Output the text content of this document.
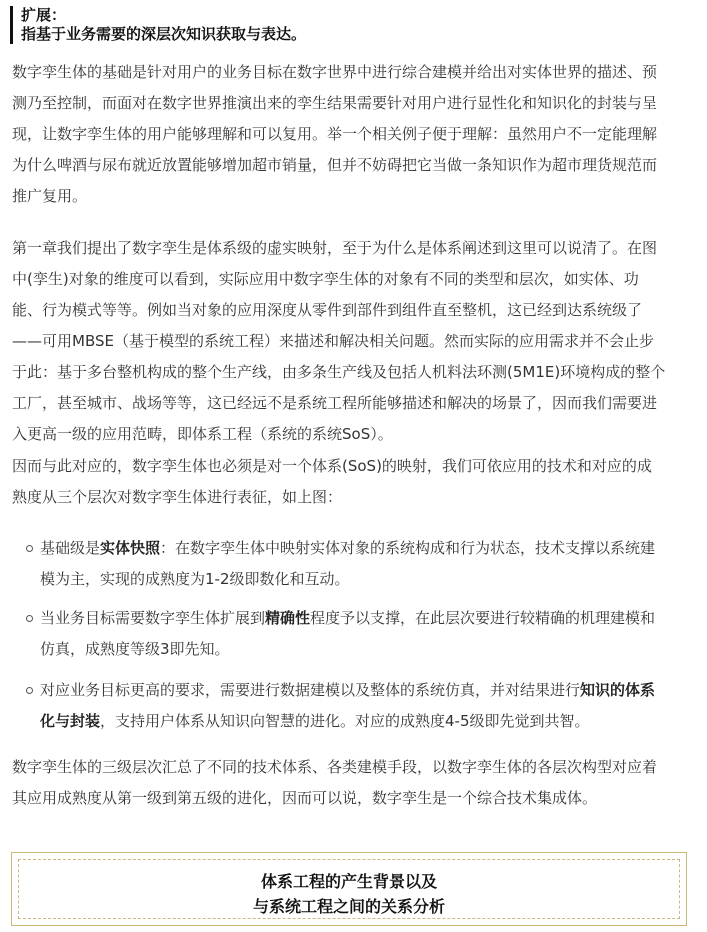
扩展：
指基于业务需要的深层次知识获取与表达。
数字孪生体的基础是针对用户的业务目标在数字世界中进行综合建模并给出对实体世界的描述、预
测乃至控制，而面对在数字世界推演出来的孪生结果需要针对用户进行显性化和知识化的封装与呈
现，让数字孪生体的用户能够理解和可以复用。举一个相关例子便于理解：虽然用户不一定能理解
为什么啤酒与尿布就近放置能够增加超市销量，但并不妨碍把它当做一条知识作为超市理货规范而
推广复用。
第一章我们提出了数字孪生是体系级的虚实映射，至于为什么是体系阐述到这里可以说清了。在图
中(孪生)对象的维度可以看到，实际应用中数字孪生体的对象有不同的类型和层次，如实体、功
能、行为模式等等。例如当对象的应用深度从零件到部件到组件直至整机，这已经到达系统级了
——可用MBSE（基于模型的系统工程）来描述和解决相关问题。然而实际的应用需求并不会止步
于此：基于多台整机构成的整个生产线，由多条生产线及包括人机料法环测(5M1E)环境构成的整个
工厂，甚至城市、战场等等，这已经远不是系统工程所能够描述和解决的场景了，因而我们需要进
入更高一级的应用范畴，即体系工程（系统的系统SoS）。
因而与此对应的，数字孪生体也必须是对一个体系(SoS)的映射，我们可依应用的技术和对应的成
熟度从三个层次对数字孪生体进行表征，如上图：
基础级是实体快照：在数字孪生体中映射实体对象的系统构成和行为状态，技术支撑以系统建
模为主，实现的成熟度为1-2级即数化和互动。
当业务目标需要数字孪生体扩展到精确性程度予以支撑，在此层次要进行较精确的机理建模和
仿真，成熟度等级3即先知。
对应业务目标更高的要求，需要进行数据建模以及整体的系统仿真，并对结果进行知识的体系
化与封装，支持用户体系从知识向智慧的进化。对应的成熟度4-5级即先觉到共智。
数字孪生体的三级层次汇总了不同的技术体系、各类建模手段，以数字孪生体的各层次构型对应着
其应用成熟度从第一级到第五级的进化，因而可以说，数字孪生是一个综合技术集成体。
体系工程的产生背景以及
与系统工程之间的关系分析
